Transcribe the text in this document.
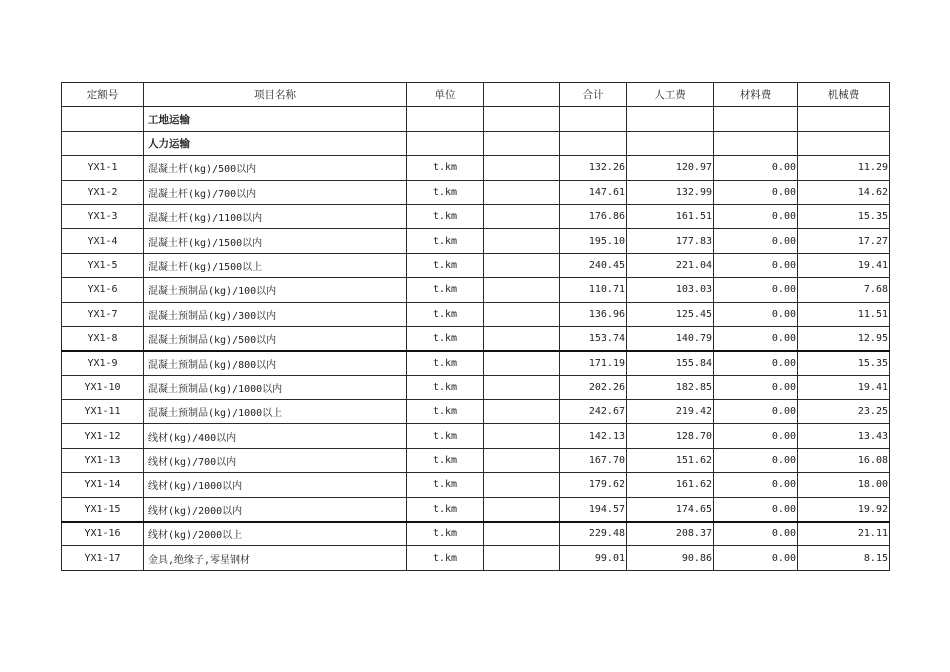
定额号	项目名称	单位		合计	人工费	材料费	机械费
	工地运输						
	人力运输						
YX1-1	混凝土杆(kg)/500以内	t.km		132.26	120.97	0.00	11.29
YX1-2	混凝土杆(kg)/700以内	t.km		147.61	132.99	0.00	14.62
YX1-3	混凝土杆(kg)/1100以内	t.km		176.86	161.51	0.00	15.35
YX1-4	混凝土杆(kg)/1500以内	t.km		195.10	177.83	0.00	17.27
YX1-5	混凝土杆(kg)/1500以上	t.km		240.45	221.04	0.00	19.41
YX1-6	混凝土预制品(kg)/100以内	t.km		110.71	103.03	0.00	7.68
YX1-7	混凝土预制品(kg)/300以内	t.km		136.96	125.45	0.00	11.51
YX1-8	混凝土预制品(kg)/500以内	t.km		153.74	140.79	0.00	12.95
YX1-9	混凝土预制品(kg)/800以内	t.km		171.19	155.84	0.00	15.35
YX1-10	混凝土预制品(kg)/1000以内	t.km		202.26	182.85	0.00	19.41
YX1-11	混凝土预制品(kg)/1000以上	t.km		242.67	219.42	0.00	23.25
YX1-12	线材(kg)/400以内	t.km		142.13	128.70	0.00	13.43
YX1-13	线材(kg)/700以内	t.km		167.70	151.62	0.00	16.08
YX1-14	线材(kg)/1000以内	t.km		179.62	161.62	0.00	18.00
YX1-15	线材(kg)/2000以内	t.km		194.57	174.65	0.00	19.92
YX1-16	线材(kg)/2000以上	t.km		229.48	208.37	0.00	21.11
YX1-17	金具,绝缘子,零星钢材	t.km		99.01	90.86	0.00	8.15
